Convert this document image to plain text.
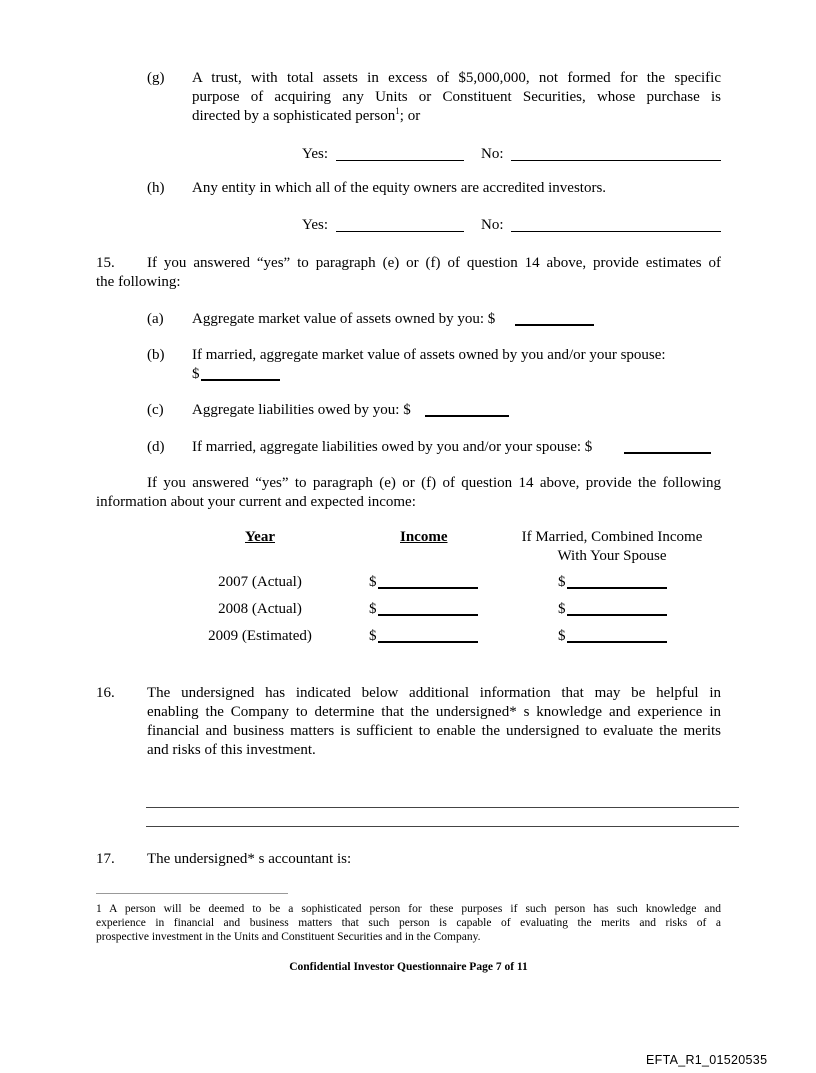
(g) A trust, with total assets in excess of $5,000,000, not formed for the specific
purpose of acquiring any Units or Constituent Securities, whose purchase is
directed by a sophisticated person$^1$; or
Yes:	No:
(h) Any entity in which all of the equity owners are accredited investors.
Yes:	No:
15. If you answered “yes” to paragraph (e) or (f) of question 14 above, provide estimates of
the following:
(a) Aggregate market value of assets owned by you: $
(b) If married, aggregate market value of assets owned by you and/or your spouse:
$
(c) Aggregate liabilities owed by you: $
(d) If married, aggregate liabilities owed by you and/or your spouse: $
If you answered “yes” to paragraph (e) or (f) of question 14 above, provide the following
information about your current and expected income:
Year	Income	If Married, Combined Income
With Your Spouse
2007 (Actual)	$	$
2008 (Actual)	$	$
2009 (Estimated)	$	$
16. The undersigned has indicated below additional information that may be helpful in
enabling the Company to determine that the undersigned* s knowledge and experience in
financial and business matters is sufficient to enable the undersigned to evaluate the merits
and risks of this investment.
17. The undersigned* s accountant is:
1 A person will be deemed to be a sophisticated person for these purposes if such person has such knowledge and
experience in financial and business matters that such person is capable of evaluating the merits and risks of a
prospective investment in the Units and Constituent Securities and in the Company.
Confidential Investor Questionnaire Page 7 of 11
EFTA_R1_01520535
